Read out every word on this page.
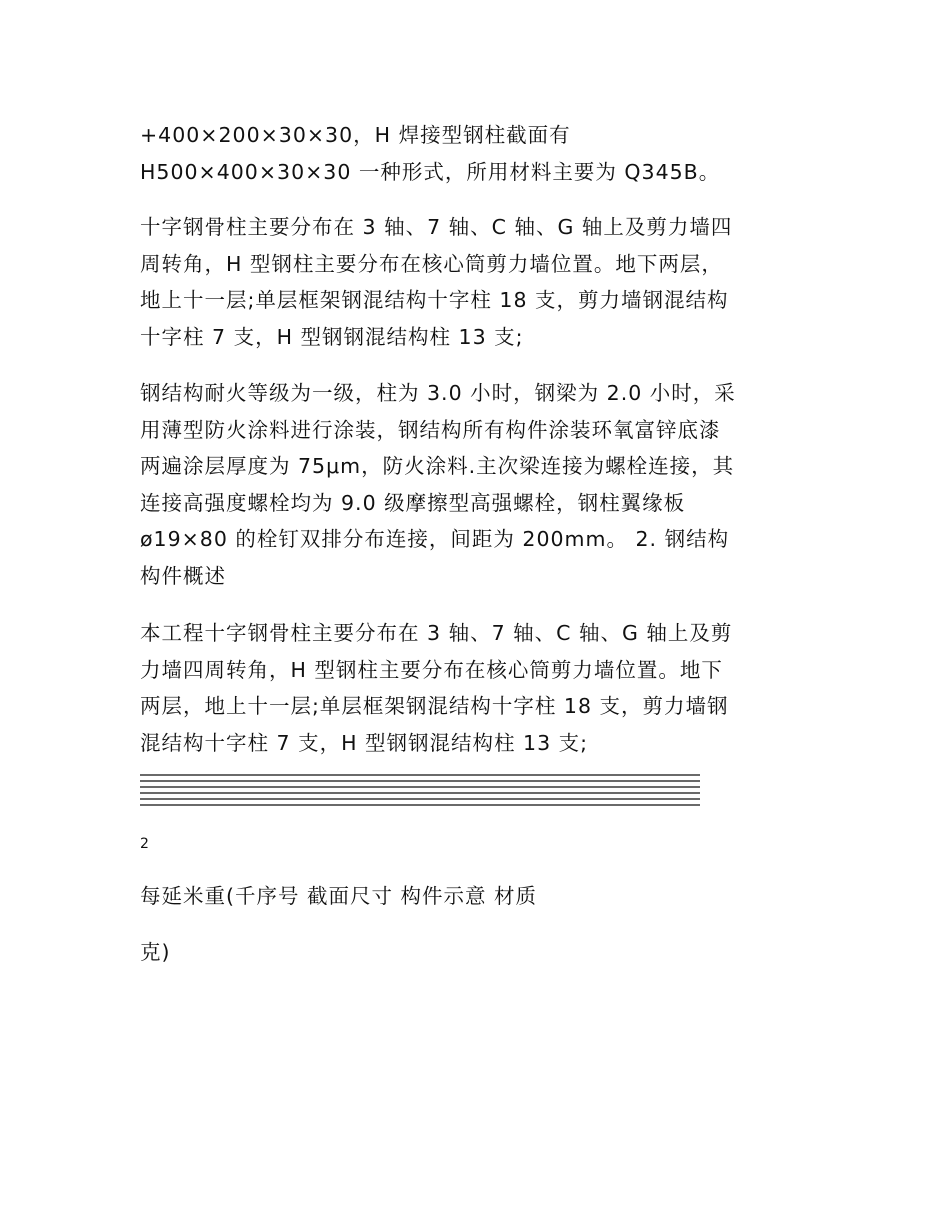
+400×200×30×30，H 焊接型钢柱截面有
H500×400×30×30 一种形式，所用材料主要为 Q345B。

十字钢骨柱主要分布在 3 轴、7 轴、C 轴、G 轴上及剪力墙四
周转角，H 型钢柱主要分布在核心筒剪力墙位置。地下两层，
地上十一层;单层框架钢混结构十字柱 18 支，剪力墙钢混结构
十字柱 7 支，H 型钢钢混结构柱 13 支;

钢结构耐火等级为一级，柱为 3.0 小时，钢梁为 2.0 小时，采
用薄型防火涂料进行涂装，钢结构所有构件涂装环氧富锌底漆
两遍涂层厚度为 75μm，防火涂料.主次梁连接为螺栓连接，其
连接高强度螺栓均为 9.0 级摩擦型高强螺栓，钢柱翼缘板
ø19×80 的栓钉双排分布连接，间距为 200mm。 2. 钢结构
构件概述

本工程十字钢骨柱主要分布在 3 轴、7 轴、C 轴、G 轴上及剪
力墙四周转角，H 型钢柱主要分布在核心筒剪力墙位置。地下
两层，地上十一层;单层框架钢混结构十字柱 18 支，剪力墙钢
混结构十字柱 7 支，H 型钢钢混结构柱 13 支;

2
每延米重(千序号 截面尺寸 构件示意 材质
克)
